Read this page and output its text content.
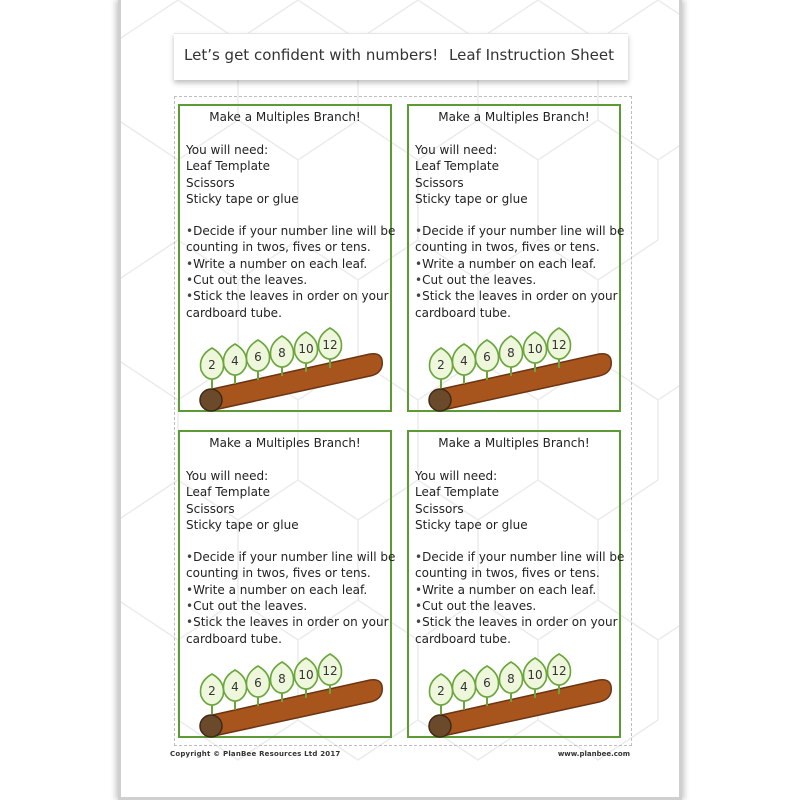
Let’s get confident with numbers! Leaf Instruction Sheet
Make a Multiples Branch!
You will need:
Leaf Template
Scissors
Sticky tape or glue
•Decide if your number line will be
counting in twos, fives or tens.
•Write a number on each leaf.
•Cut out the leaves.
•Stick the leaves in order on your
cardboard tube.
2 4 6 8 10 12
Make a Multiples Branch!
You will need:
Leaf Template
Scissors
Sticky tape or glue
•Decide if your number line will be
counting in twos, fives or tens.
•Write a number on each leaf.
•Cut out the leaves.
•Stick the leaves in order on your
cardboard tube.
2 4 6 8 10 12
Make a Multiples Branch!
You will need:
Leaf Template
Scissors
Sticky tape or glue
•Decide if your number line will be
counting in twos, fives or tens.
•Write a number on each leaf.
•Cut out the leaves.
•Stick the leaves in order on your
cardboard tube.
2 4 6 8 10 12
Make a Multiples Branch!
You will need:
Leaf Template
Scissors
Sticky tape or glue
•Decide if your number line will be
counting in twos, fives or tens.
•Write a number on each leaf.
•Cut out the leaves.
•Stick the leaves in order on your
cardboard tube.
2 4 6 8 10 12
Copyright © PlanBee Resources Ltd 2017	www.planbee.com
